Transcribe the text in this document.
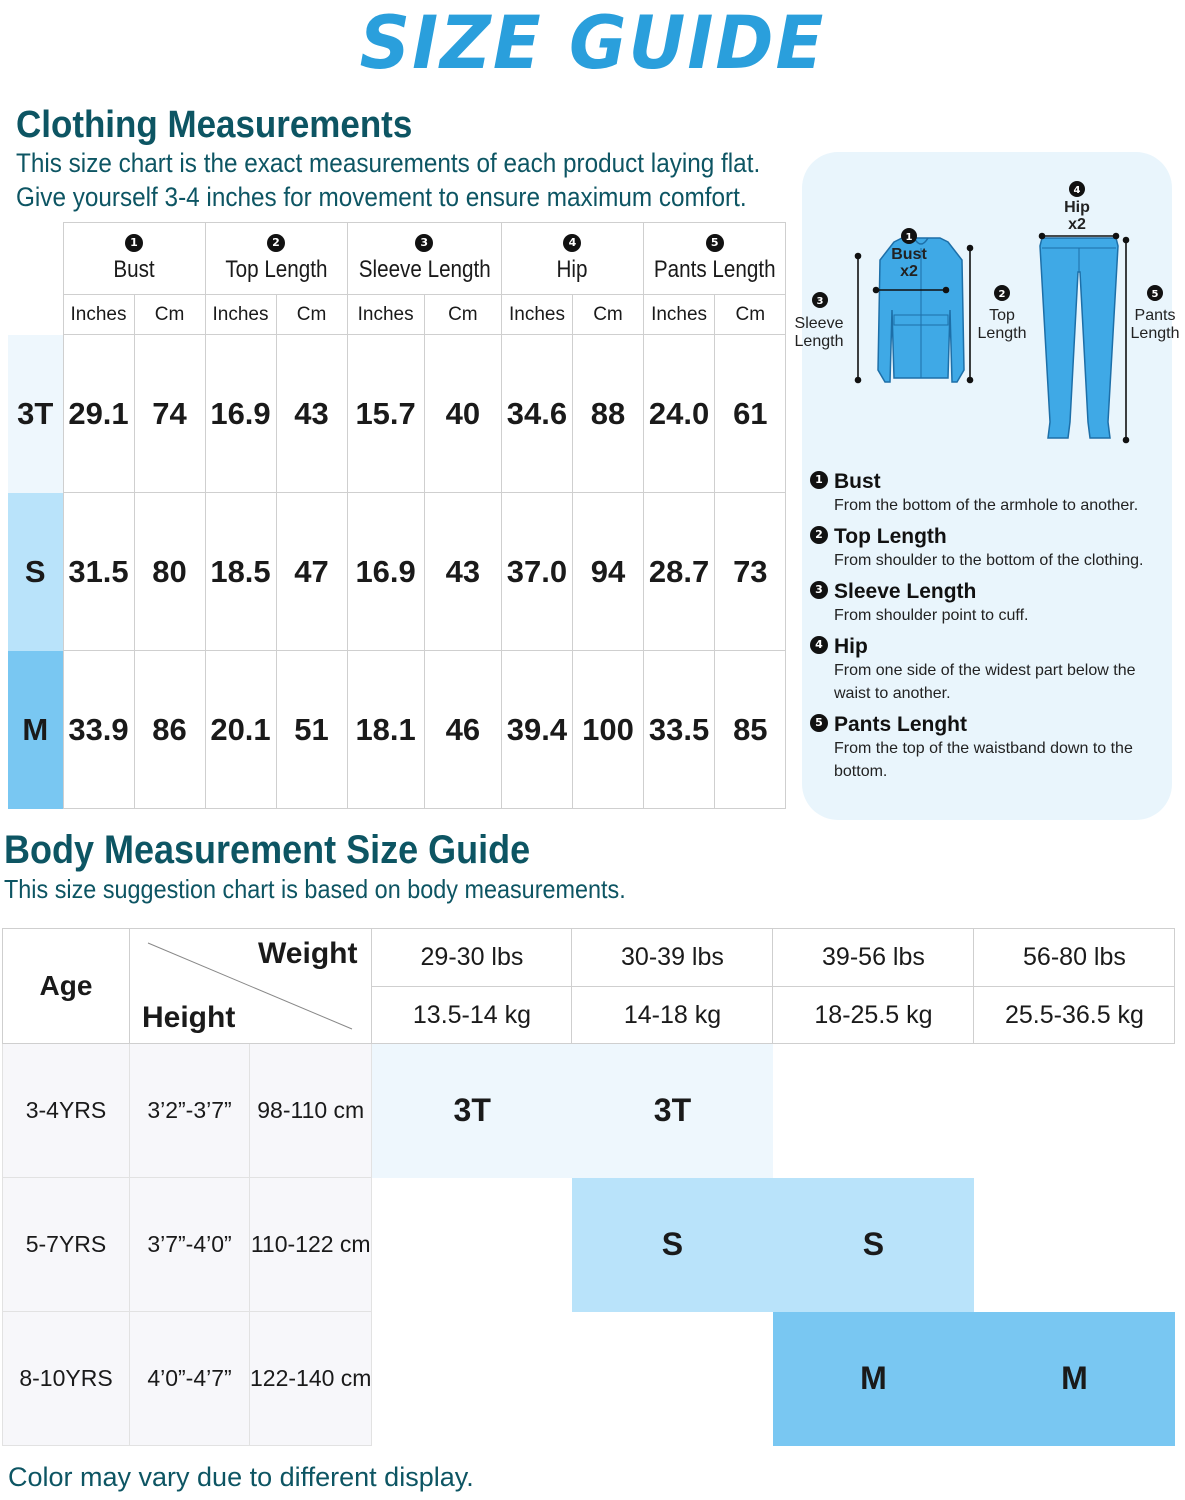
SIZE GUIDE
Clothing Measurements
This size chart is the exact measurements of each product laying flat.
Give yourself 3-4 inches for movement to ensure maximum comfort.

	1
Bust		2
Top Length		3
Sleeve Length		4
Hip		5
Pants Length	
	Inches	Cm	Inches	Cm	Inches	Cm	Inches	Cm	Inches	Cm
3T	29.1	74	16.9	43	15.7	40	34.6	88	24.0	61
S	31.5	80	18.5	47	16.9	43	37.0	94	28.7	73
M	33.9	86	20.1	51	18.1	46	39.4	100	33.5	85
1
2
3
4
5
Bust
x2
Hip
x2
Sleeve
Length
Top
Length
Pants
Length
1 Bust
From the bottom of the armhole to another.
2 Top Length
From shoulder to the bottom of the clothing.
3 Sleeve Length
From shoulder point to cuff.
4 Hip
From one side of the widest part below the waist to another.
5 Pants Lenght
From the top of the waistband down to the bottom.
Body Measurement Size Guide
This size suggestion chart is based on body measurements.
Age	Weight
Height		29-30 lbs	30-39 lbs	39-56 lbs	56-80 lbs
			13.5-14 kg	14-18 kg	18-25.5 kg	25.5-36.5 kg
3-4YRS	3’2”-3’7”	98-110 cm	3T	3T		
5-7YRS	3’7”-4’0”	110-122 cm		S	S	
8-10YRS	4’0”-4’7”	122-140 cm			M	M
Color may vary due to different display.
